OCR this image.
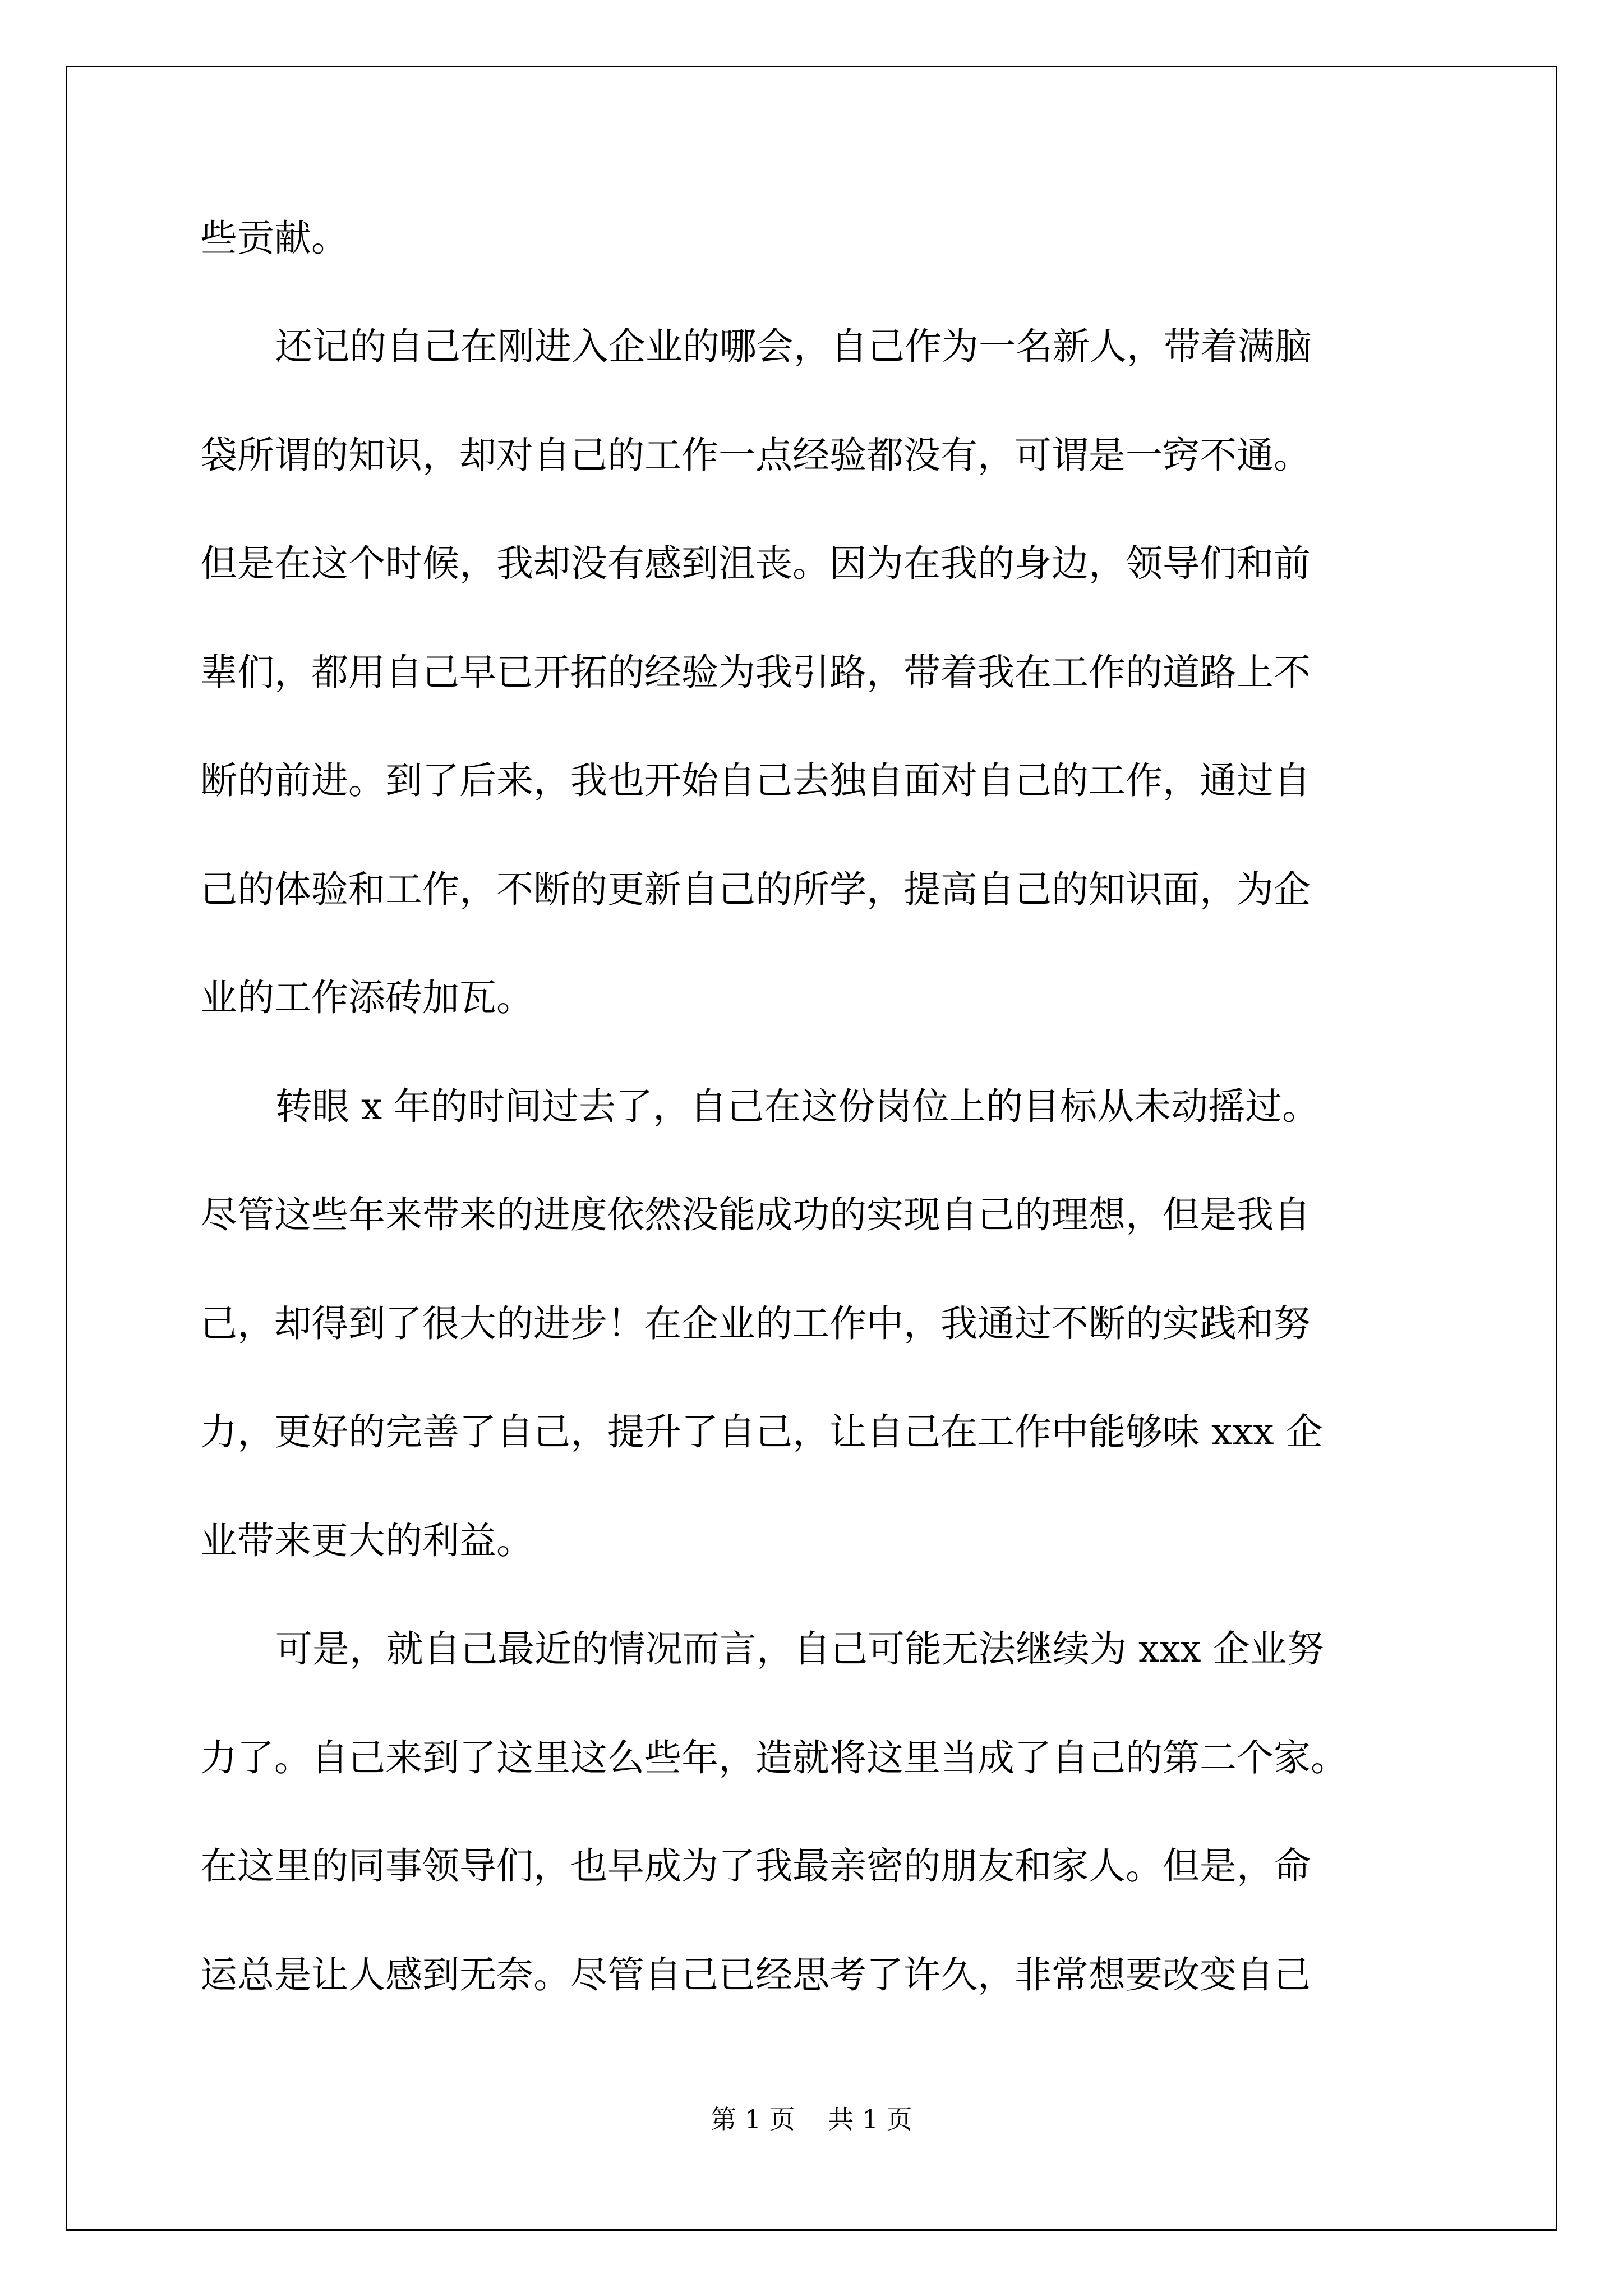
些贡献。
还记的自己在刚进入企业的哪会，自己作为一名新人，带着满脑
袋所谓的知识，却对自己的工作一点经验都没有，可谓是一窍不通。
但是在这个时候，我却没有感到沮丧。因为在我的身边，领导们和前
辈们，都用自己早已开拓的经验为我引路，带着我在工作的道路上不
断的前进。到了后来，我也开始自己去独自面对自己的工作，通过自
己的体验和工作，不断的更新自己的所学，提高自己的知识面，为企
业的工作添砖加瓦。
转眼 x 年的时间过去了，自己在这份岗位上的目标从未动摇过。
尽管这些年来带来的进度依然没能成功的实现自己的理想，但是我自
己，却得到了很大的进步！在企业的工作中，我通过不断的实践和努
力，更好的完善了自己，提升了自己，让自己在工作中能够味 xxx 企
业带来更大的利益。
可是，就自己最近的情况而言，自己可能无法继续为 xxx 企业努
力了。自己来到了这里这么些年，造就将这里当成了自己的第二个家。
在这里的同事领导们，也早成为了我最亲密的朋友和家人。但是，命
运总是让人感到无奈。尽管自己已经思考了许久，非常想要改变自己
第 1 页    共 1 页
